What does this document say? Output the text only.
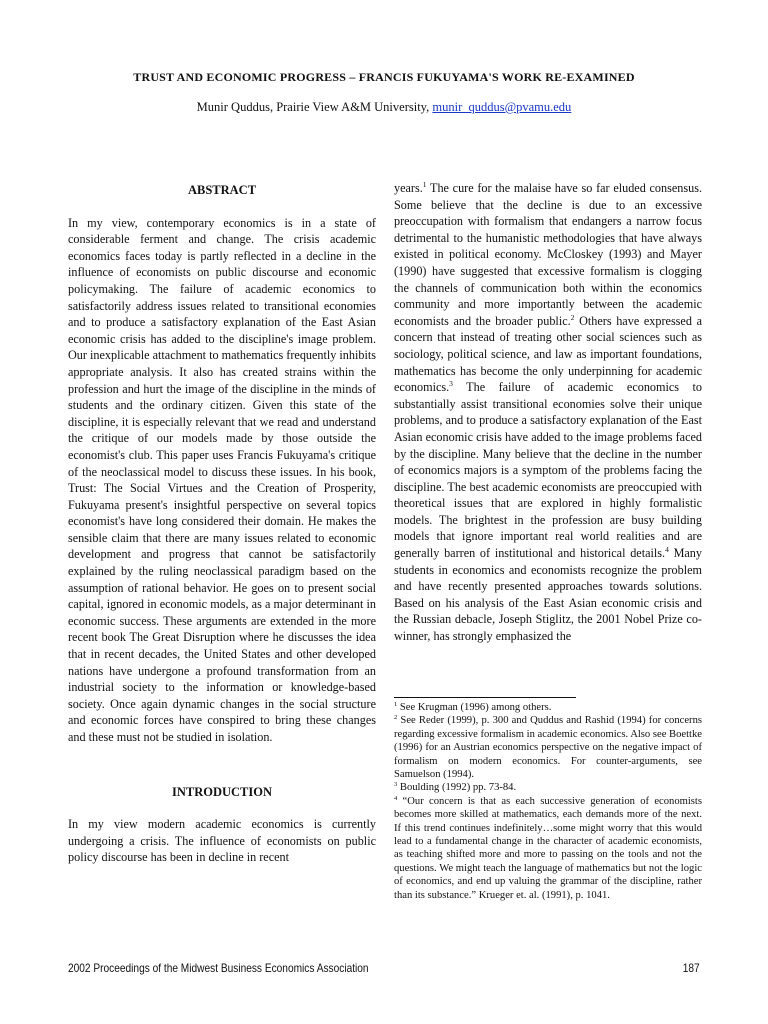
TRUST AND ECONOMIC PROGRESS – FRANCIS FUKUYAMA'S WORK RE-EXAMINED
Munir Quddus, Prairie View A&M University, munir_quddus@pvamu.edu
ABSTRACT

In my view, contemporary economics is in a state of considerable ferment and change. The crisis academic economics faces today is partly reflected in a decline in the influence of economists on public discourse and economic policymaking. The failure of academic economics to satisfactorily address issues related to transitional economies and to produce a satisfactory explanation of the East Asian economic crisis has added to the discipline's image problem. Our inexplicable attachment to mathematics frequently inhibits appropriate analysis. It also has created strains within the profession and hurt the image of the discipline in the minds of students and the ordinary citizen. Given this state of the discipline, it is especially relevant that we read and understand the critique of our models made by those outside the economist's club. This paper uses Francis Fukuyama's critique of the neoclassical model to discuss these issues. In his book, Trust: The Social Virtues and the Creation of Prosperity, Fukuyama present's insightful perspective on several topics economist's have long considered their domain. He makes the sensible claim that there are many issues related to economic development and progress that cannot be satisfactorily explained by the ruling neoclassical paradigm based on the assumption of rational behavior. He goes on to present social capital, ignored in economic models, as a major determinant in economic success. These arguments are extended in the more recent book The Great Disruption where he discusses the idea that in recent decades, the United States and other developed nations have undergone a profound transformation from an industrial society to the information or knowledge-based society. Once again dynamic changes in the social structure and economic forces have conspired to bring these changes and these must not be studied in isolation.

INTRODUCTION

In my view modern academic economics is currently undergoing a crisis. The influence of economists on public policy discourse has been in decline in recent

years.$^1$ The cure for the malaise have so far eluded consensus. Some believe that the decline is due to an excessive preoccupation with formalism that endangers a narrow focus detrimental to the humanistic methodologies that have always existed in political economy. McCloskey (1993) and Mayer (1990) have suggested that excessive formalism is clogging the channels of communication both within the economics community and more importantly between the academic economists and the broader public.$^2$ Others have expressed a concern that instead of treating other social sciences such as sociology, political science, and law as important foundations, mathematics has become the only underpinning for academic economics.$^3$ The failure of academic economics to substantially assist transitional economies solve their unique problems, and to produce a satisfactory explanation of the East Asian economic crisis have added to the image problems faced by the discipline. Many believe that the decline in the number of economics majors is a symptom of the problems facing the discipline. The best academic economists are preoccupied with theoretical issues that are explored in highly formalistic models. The brightest in the profession are busy building models that ignore important real world realities and are generally barren of institutional and historical details.$^4$ Many students in economics and economists recognize the problem and have recently presented approaches towards solutions. Based on his analysis of the East Asian economic crisis and the Russian debacle, Joseph Stiglitz, the 2001 Nobel Prize co-winner, has strongly emphasized the

$^1$ See Krugman (1996) among others.

$^2$ See Reder (1999), p. 300 and Quddus and Rashid (1994) for concerns regarding excessive formalism in academic economics. Also see Boettke (1996) for an Austrian economics perspective on the negative impact of formalism on modern economics. For counter-arguments, see Samuelson (1994).

$^3$ Boulding (1992) pp. 73-84.

$^4$ “Our concern is that as each successive generation of economists becomes more skilled at mathematics, each demands more of the next. If this trend continues indefinitely…some might worry that this would lead to a fundamental change in the character of academic economists, as teaching shifted more and more to passing on the tools and not the questions. We might teach the language of mathematics but not the logic of economics, and end up valuing the grammar of the discipline, rather than its substance.” Krueger et. al. (1991), p. 1041.

2002 Proceedings of the Midwest Business Economics Association	187
